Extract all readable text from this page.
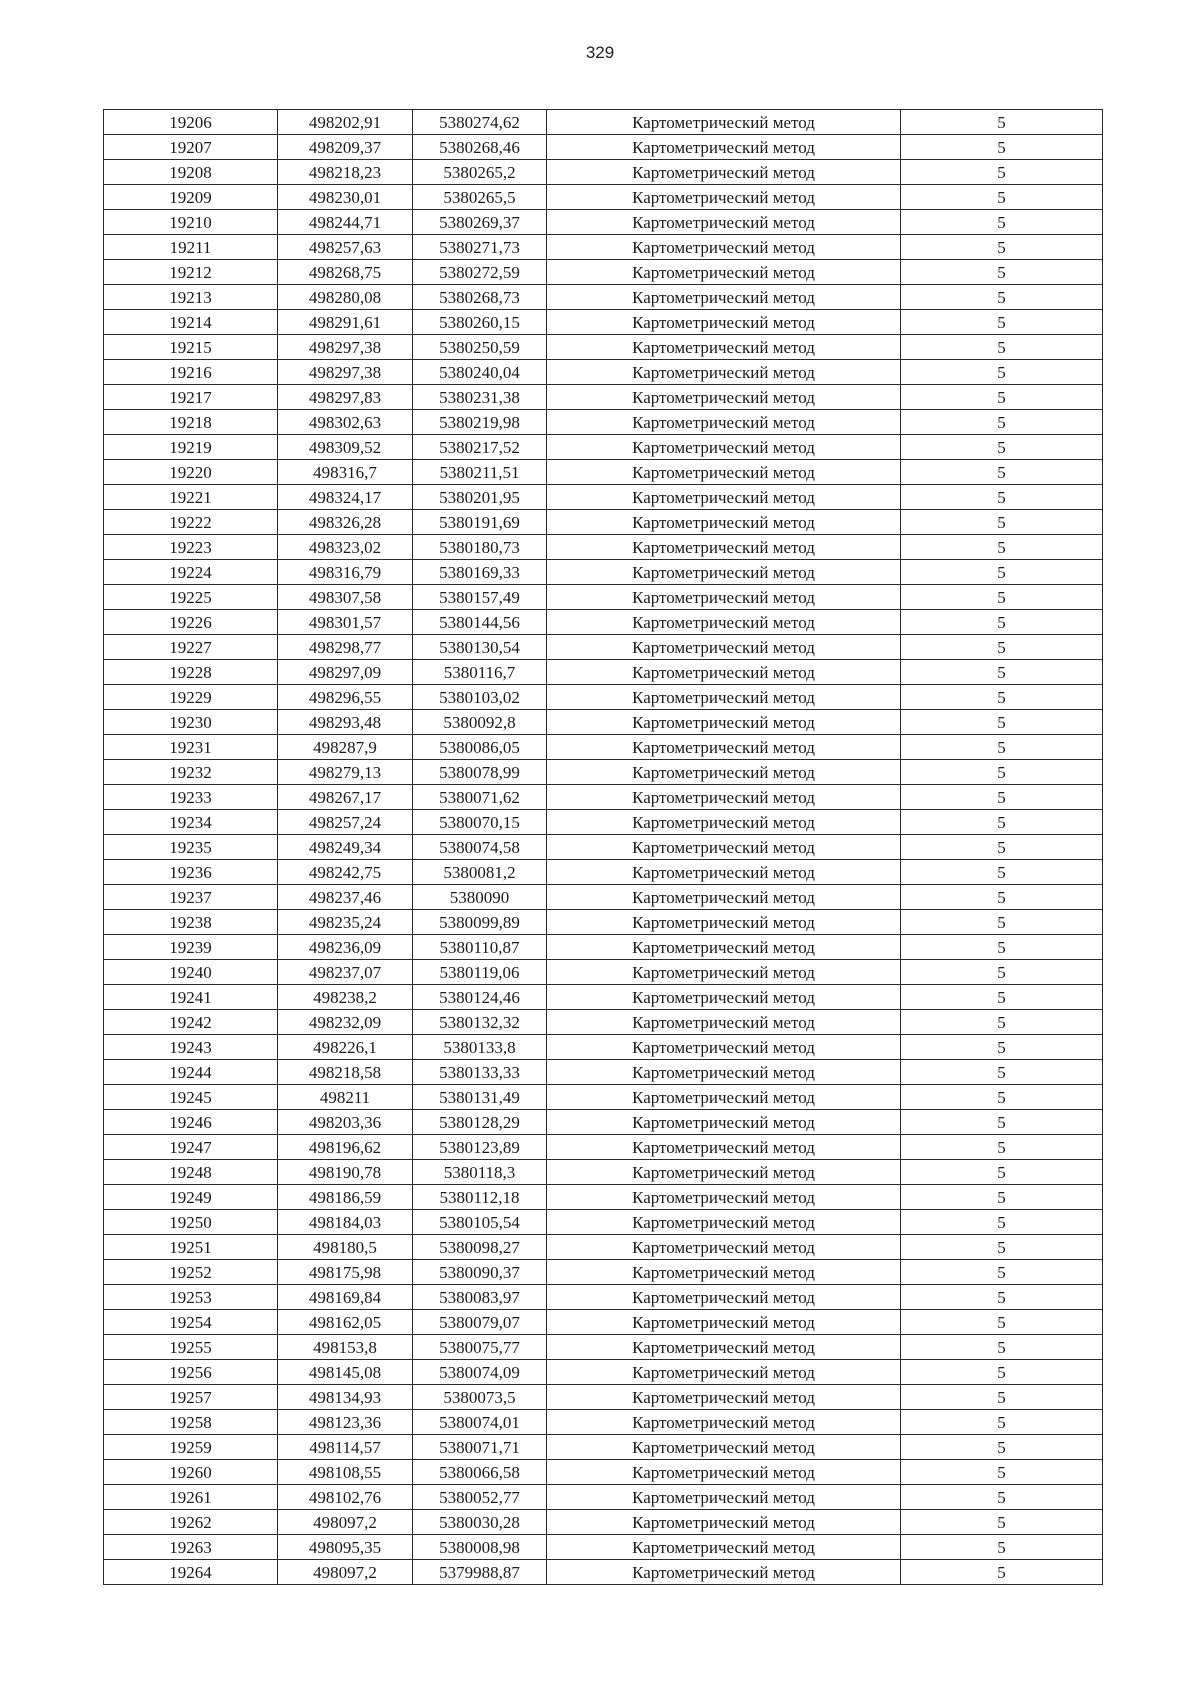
329
19206	498202,91	5380274,62	Картометрический метод	5
19207	498209,37	5380268,46	Картометрический метод	5
19208	498218,23	5380265,2	Картометрический метод	5
19209	498230,01	5380265,5	Картометрический метод	5
19210	498244,71	5380269,37	Картометрический метод	5
19211	498257,63	5380271,73	Картометрический метод	5
19212	498268,75	5380272,59	Картометрический метод	5
19213	498280,08	5380268,73	Картометрический метод	5
19214	498291,61	5380260,15	Картометрический метод	5
19215	498297,38	5380250,59	Картометрический метод	5
19216	498297,38	5380240,04	Картометрический метод	5
19217	498297,83	5380231,38	Картометрический метод	5
19218	498302,63	5380219,98	Картометрический метод	5
19219	498309,52	5380217,52	Картометрический метод	5
19220	498316,7	5380211,51	Картометрический метод	5
19221	498324,17	5380201,95	Картометрический метод	5
19222	498326,28	5380191,69	Картометрический метод	5
19223	498323,02	5380180,73	Картометрический метод	5
19224	498316,79	5380169,33	Картометрический метод	5
19225	498307,58	5380157,49	Картометрический метод	5
19226	498301,57	5380144,56	Картометрический метод	5
19227	498298,77	5380130,54	Картометрический метод	5
19228	498297,09	5380116,7	Картометрический метод	5
19229	498296,55	5380103,02	Картометрический метод	5
19230	498293,48	5380092,8	Картометрический метод	5
19231	498287,9	5380086,05	Картометрический метод	5
19232	498279,13	5380078,99	Картометрический метод	5
19233	498267,17	5380071,62	Картометрический метод	5
19234	498257,24	5380070,15	Картометрический метод	5
19235	498249,34	5380074,58	Картометрический метод	5
19236	498242,75	5380081,2	Картометрический метод	5
19237	498237,46	5380090	Картометрический метод	5
19238	498235,24	5380099,89	Картометрический метод	5
19239	498236,09	5380110,87	Картометрический метод	5
19240	498237,07	5380119,06	Картометрический метод	5
19241	498238,2	5380124,46	Картометрический метод	5
19242	498232,09	5380132,32	Картометрический метод	5
19243	498226,1	5380133,8	Картометрический метод	5
19244	498218,58	5380133,33	Картометрический метод	5
19245	498211	5380131,49	Картометрический метод	5
19246	498203,36	5380128,29	Картометрический метод	5
19247	498196,62	5380123,89	Картометрический метод	5
19248	498190,78	5380118,3	Картометрический метод	5
19249	498186,59	5380112,18	Картометрический метод	5
19250	498184,03	5380105,54	Картометрический метод	5
19251	498180,5	5380098,27	Картометрический метод	5
19252	498175,98	5380090,37	Картометрический метод	5
19253	498169,84	5380083,97	Картометрический метод	5
19254	498162,05	5380079,07	Картометрический метод	5
19255	498153,8	5380075,77	Картометрический метод	5
19256	498145,08	5380074,09	Картометрический метод	5
19257	498134,93	5380073,5	Картометрический метод	5
19258	498123,36	5380074,01	Картометрический метод	5
19259	498114,57	5380071,71	Картометрический метод	5
19260	498108,55	5380066,58	Картометрический метод	5
19261	498102,76	5380052,77	Картометрический метод	5
19262	498097,2	5380030,28	Картометрический метод	5
19263	498095,35	5380008,98	Картометрический метод	5
19264	498097,2	5379988,87	Картометрический метод	5
